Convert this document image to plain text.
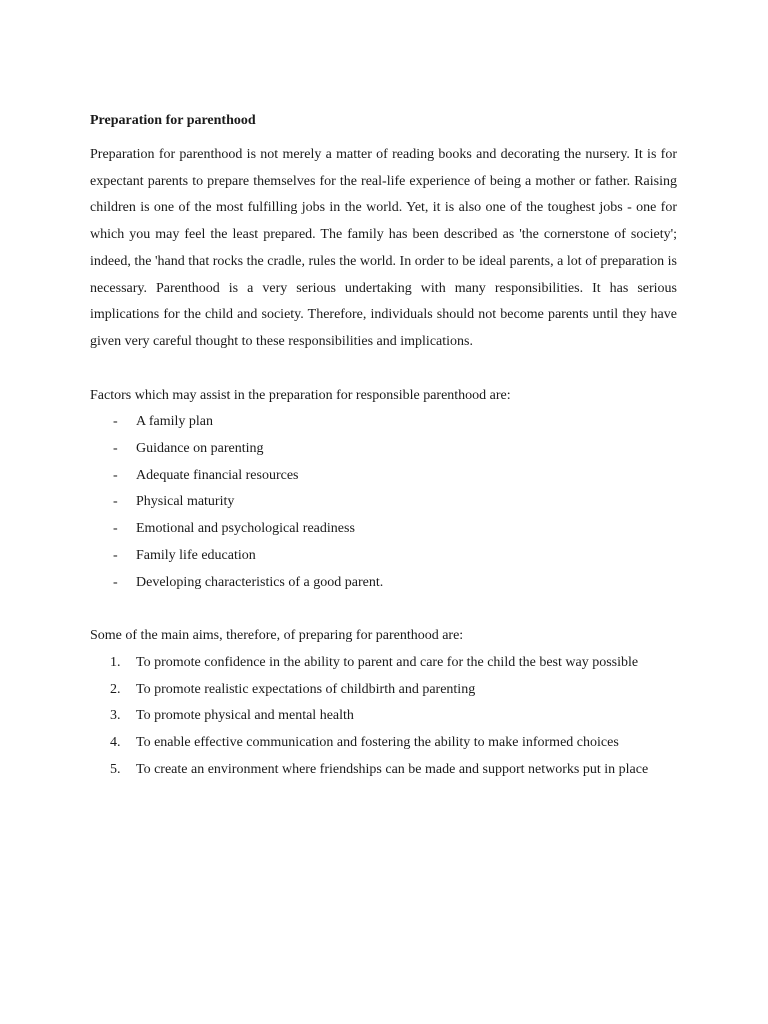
Preparation for parenthood

Preparation for parenthood is not merely a matter of reading books and decorating the nursery. It is for expectant parents to prepare themselves for the real-life experience of being a mother or father. Raising children is one of the most fulfilling jobs in the world. Yet, it is also one of the toughest jobs - one for which you may feel the least prepared. The family has been described as 'the cornerstone of society'; indeed, the 'hand that rocks the cradle, rules the world. In order to be ideal parents, a lot of preparation is necessary. Parenthood is a very serious undertaking with many responsibilities. It has serious implications for the child and society. Therefore, individuals should not become parents until they have given very careful thought to these responsibilities and implications.

Factors which may assist in the preparation for responsible parenthood are:

- A family plan
- Guidance on parenting
- Adequate financial resources
- Physical maturity
- Emotional and psychological readiness
- Family life education
- Developing characteristics of a good parent.

Some of the main aims, therefore, of preparing for parenthood are:

1. To promote confidence in the ability to parent and care for the child the best way possible
2. To promote realistic expectations of childbirth and parenting
3. To promote physical and mental health
4. To enable effective communication and fostering the ability to make informed choices
5. To create an environment where friendships can be made and support networks put in place
